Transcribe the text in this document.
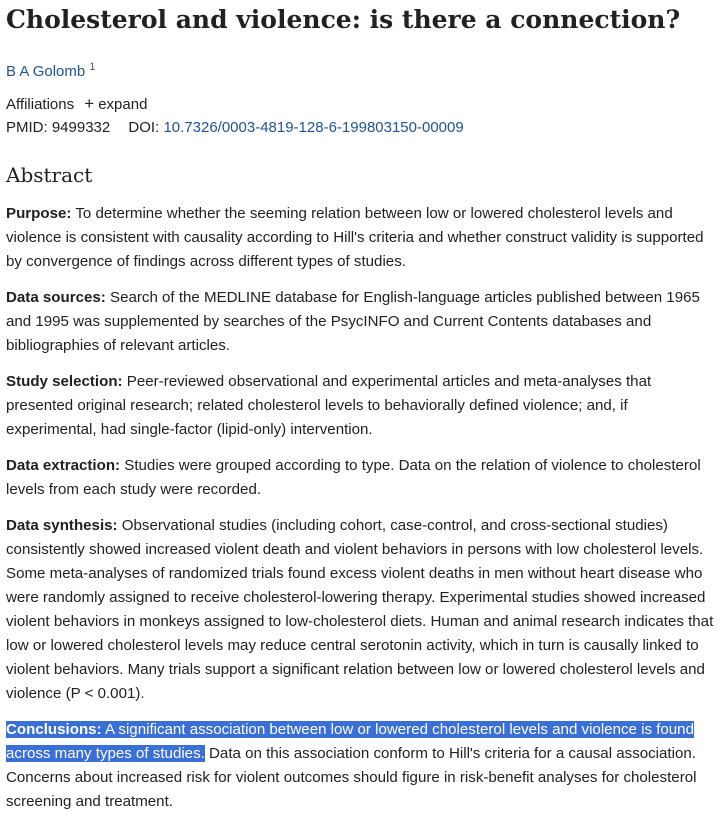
Cholesterol and violence: is there a connection?
B A Golomb $^1$
Affiliations + expand
PMID: 9499332 DOI: 10.7326/0003-4819-128-6-199803150-00009
Abstract

Purpose: To determine whether the seeming relation between low or lowered cholesterol levels and violence is consistent with causality according to Hill's criteria and whether construct validity is supported by convergence of findings across different types of studies.

Data sources: Search of the MEDLINE database for English-language articles published between 1965 and 1995 was supplemented by searches of the PsycINFO and Current Contents databases and bibliographies of relevant articles.

Study selection: Peer-reviewed observational and experimental articles and meta-analyses that presented original research; related cholesterol levels to behaviorally defined violence; and, if experimental, had single-factor (lipid-only) intervention.

Data extraction: Studies were grouped according to type. Data on the relation of violence to cholesterol levels from each study were recorded.

Data synthesis: Observational studies (including cohort, case-control, and cross-sectional studies) consistently showed increased violent death and violent behaviors in persons with low cholesterol levels. Some meta-analyses of randomized trials found excess violent deaths in men without heart disease who were randomly assigned to receive cholesterol-lowering therapy. Experimental studies showed increased violent behaviors in monkeys assigned to low-cholesterol diets. Human and animal research indicates that low or lowered cholesterol levels may reduce central serotonin activity, which in turn is causally linked to violent behaviors. Many trials support a significant relation between low or lowered cholesterol levels and violence (P < 0.001).

Conclusions: A significant association between low or lowered cholesterol levels and violence is found across many types of studies. Data on this association conform to Hill's criteria for a causal association. Concerns about increased risk for violent outcomes should figure in risk-benefit analyses for cholesterol screening and treatment.
